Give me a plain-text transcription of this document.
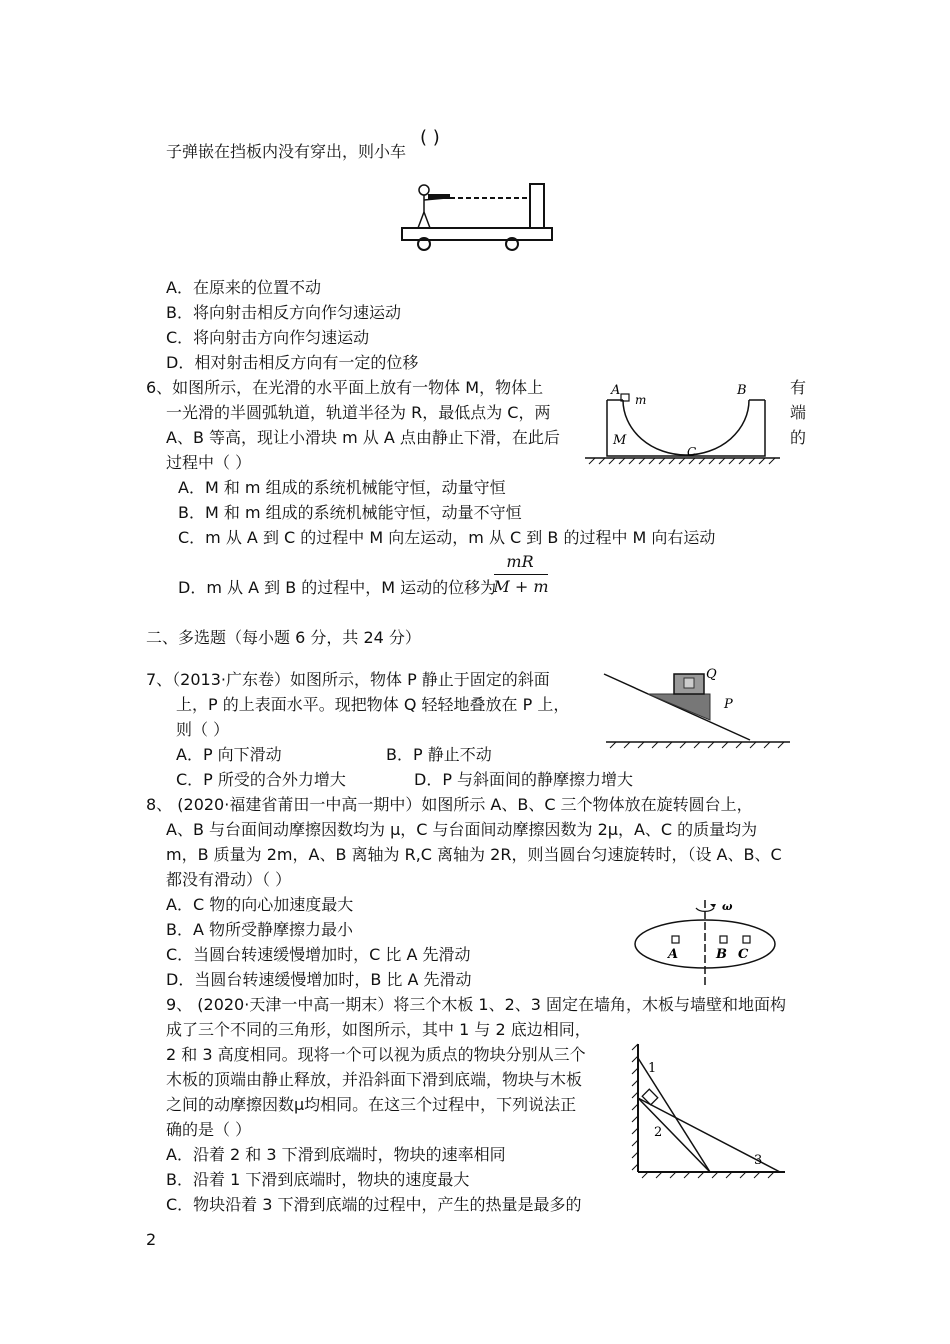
子弹嵌在挡板内没有穿出，则小车
( )
A．在原来的位置不动
B．将向射击相反方向作匀速运动
C．将向射击方向作匀速运动
D．相对射击相反方向有一定的位移
6、如图所示，在光滑的水平面上放有一物体 M，物体上	有
一光滑的半圆弧轨道，轨道半径为 R，最低点为 C，两	端
A、B 等高，现让小滑块 m 从 A 点由静止下滑，在此后	的
过程中（ ）
A	B
m
M
C
A．M 和 m 组成的系统机械能守恒，动量守恒
B．M 和 m 组成的系统机械能守恒，动量不守恒
C．m 从 A 到 C 的过程中 M 向左运动，m 从 C 到 B 的过程中 M 向右运动
D．m 从 A 到 B 的过程中，M 运动的位移为
mR
M + m
二、多选题（每小题 6 分，共 24 分）
7、（2013·广东卷）如图所示，物体 P 静止于固定的斜面
上，P 的上表面水平。现把物体 Q 轻轻地叠放在 P 上，
则（ ）
A．P 向下滑动	B．P 静止不动
C．P 所受的合外力增大	D．P 与斜面间的静摩擦力增大
Q
P
8、 (2020·福建省莆田一中高一期中）如图所示 A、B、C 三个物体放在旋转圆台上，
A、B 与台面间动摩擦因数均为 μ，C 与台面间动摩擦因数为 2μ，A、C 的质量均为
m，B 质量为 2m，A、B 离轴为 R,C 离轴为 2R，则当圆台匀速旋转时，（设 A、B、C
都没有滑动）（ ）
A．C 物的向心加速度最大
B．A 物所受静摩擦力最小
C．当圆台转速缓慢增加时，C 比 A 先滑动
D．当圆台转速缓慢增加时，B 比 A 先滑动
ω
A	B C
9、 (2020·天津一中高一期末）将三个木板 1、2、3 固定在墙角，木板与墙壁和地面构
成了三个不同的三角形，如图所示，其中 1 与 2 底边相同，
2 和 3 高度相同。现将一个可以视为质点的物块分别从三个
木板的顶端由静止释放，并沿斜面下滑到底端，物块与木板
之间的动摩擦因数μ均相同。在这三个过程中，下列说法正
确的是（ ）
A．沿着 2 和 3 下滑到底端时，物块的速率相同
B．沿着 1 下滑到底端时，物块的速度最大
C．物块沿着 3 下滑到底端的过程中，产生的热量是最多的
1
2
3
2
